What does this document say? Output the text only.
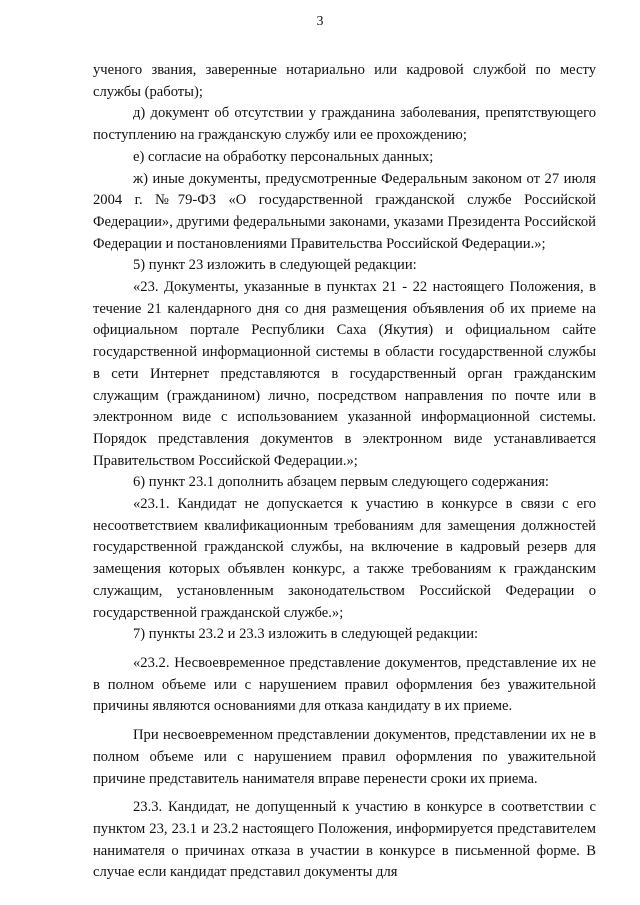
3

ученого звания, заверенные нотариально или кадровой службой по месту службы (работы);

д) документ об отсутствии у гражданина заболевания, препятствующего поступлению на гражданскую службу или ее прохождению;

е) согласие на обработку персональных данных;

ж) иные документы, предусмотренные Федеральным законом от 27 июля 2004 г. №79-ФЗ «О государственной гражданской службе Российской Федерации», другими федеральными законами, указами Президента Российской Федерации и постановлениями Правительства Российской Федерации.»;

5) пункт 23 изложить в следующей редакции:

«23. Документы, указанные в пунктах 21 - 22 настоящего Положения, в течение 21 календарного дня со дня размещения объявления об их приеме на официальном портале Республики Саха (Якутия) и официальном сайте государственной информационной системы в области государственной службы в сети Интернет представляются в государственный орган гражданским служащим (гражданином) лично, посредством направления по почте или в электронном виде с использованием указанной информационной системы. Порядок представления документов в электронном виде устанавливается Правительством Российской Федерации.»;

6) пункт 23.1 дополнить абзацем первым следующего содержания:

«23.1. Кандидат не допускается к участию в конкурсе в связи с его несоответствием квалификационным требованиям для замещения должностей государственной гражданской службы, на включение в кадровый резерв для замещения которых объявлен конкурс, а также требованиям к гражданским служащим, установленным законодательством Российской Федерации о государственной гражданской службе.»;

7) пункты 23.2 и 23.3 изложить в следующей редакции:

«23.2. Несвоевременное представление документов, представление их не в полном объеме или с нарушением правил оформления без уважительной причины являются основаниями для отказа кандидату в их приеме.

При несвоевременном представлении документов, представлении их не в полном объеме или с нарушением правил оформления по уважительной причине представитель нанимателя вправе перенести сроки их приема.

23.3. Кандидат, не допущенный к участию в конкурсе в соответствии с пунктом 23, 23.1 и 23.2 настоящего Положения, информируется представителем нанимателя о причинах отказа в участии в конкурсе в письменной форме. В случае если кандидат представил документы для
